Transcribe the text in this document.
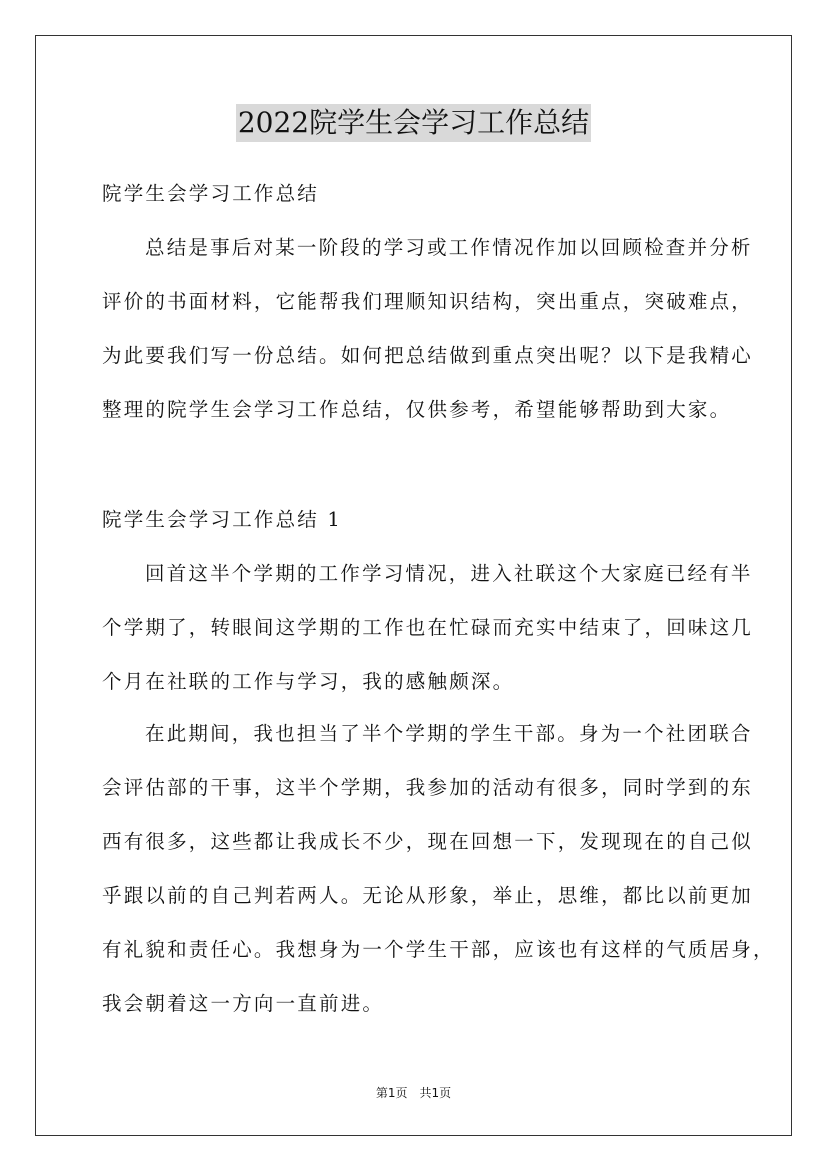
2022院学生会学习工作总结
院学生会学习工作总结
总结是事后对某一阶段的学习或工作情况作加以回顾检查并分析
评价的书面材料，它能帮我们理顺知识结构，突出重点，突破难点，
为此要我们写一份总结。如何把总结做到重点突出呢？以下是我精心
整理的院学生会学习工作总结，仅供参考，希望能够帮助到大家。
院学生会学习工作总结 1
回首这半个学期的工作学习情况，进入社联这个大家庭已经有半
个学期了，转眼间这学期的工作也在忙碌而充实中结束了，回味这几
个月在社联的工作与学习，我的感触颇深。
在此期间，我也担当了半个学期的学生干部。身为一个社团联合
会评估部的干事，这半个学期，我参加的活动有很多，同时学到的东
西有很多，这些都让我成长不少，现在回想一下，发现现在的自己似
乎跟以前的自己判若两人。无论从形象，举止，思维，都比以前更加
有礼貌和责任心。我想身为一个学生干部，应该也有这样的气质居身，
我会朝着这一方向一直前进。
第1页　共1页
